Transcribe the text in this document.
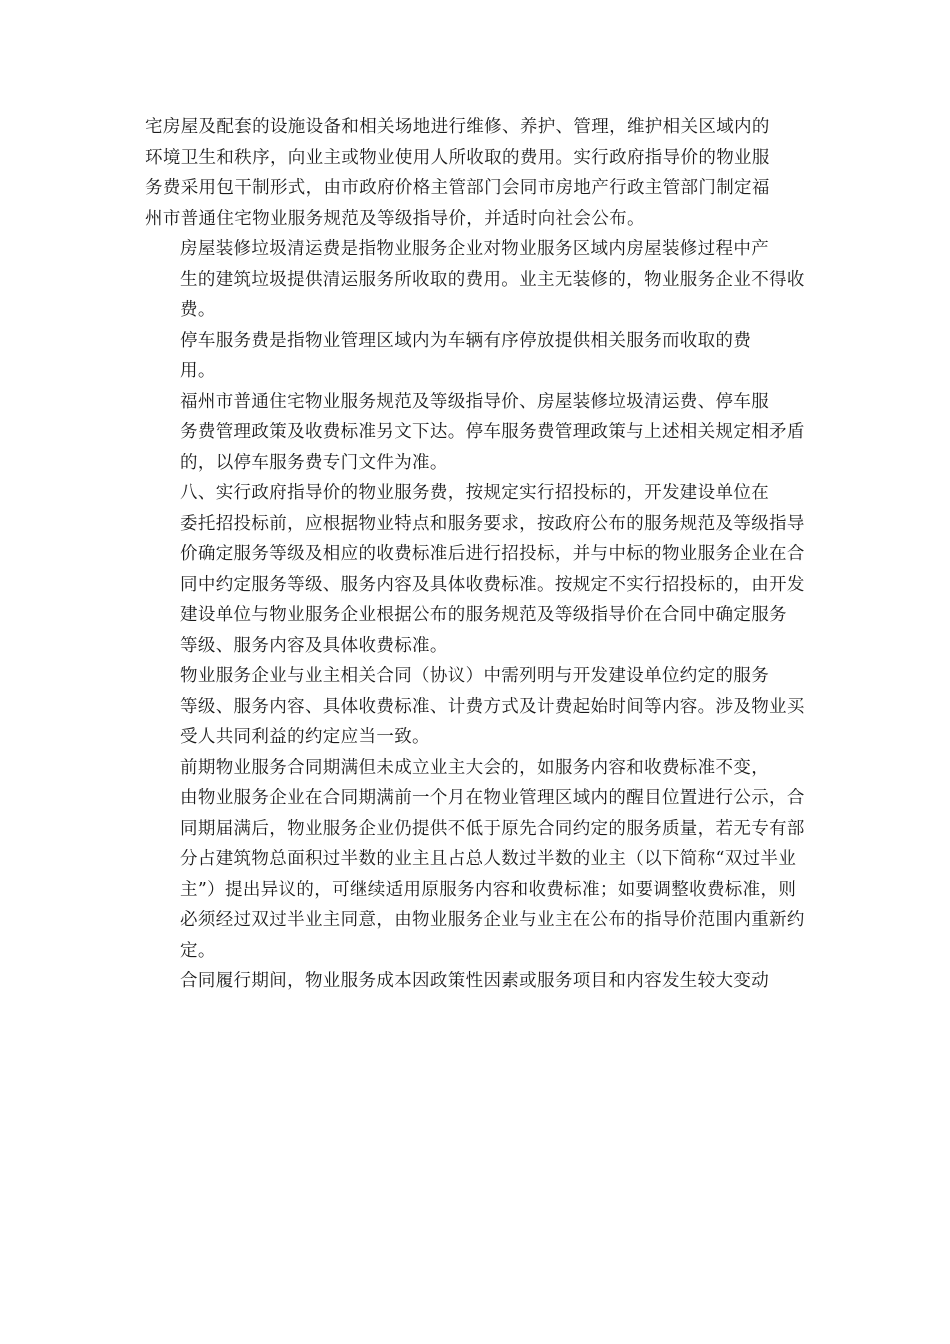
宅房屋及配套的设施设备和相关场地进行维修、养护、管理，维护相关区域内的
环境卫生和秩序，向业主或物业使用人所收取的费用。实行政府指导价的物业服
务费采用包干制形式，由市政府价格主管部门会同市房地产行政主管部门制定福
州市普通住宅物业服务规范及等级指导价，并适时向社会公布。

房屋装修垃圾清运费是指物业服务企业对物业服务区域内房屋装修过程中产
生的建筑垃圾提供清运服务所收取的费用。业主无装修的，物业服务企业不得收
费。

停车服务费是指物业管理区域内为车辆有序停放提供相关服务而收取的费
用。

福州市普通住宅物业服务规范及等级指导价、房屋装修垃圾清运费、停车服
务费管理政策及收费标准另文下达。停车服务费管理政策与上述相关规定相矛盾
的，以停车服务费专门文件为准。

八、实行政府指导价的物业服务费，按规定实行招投标的，开发建设单位在
委托招投标前，应根据物业特点和服务要求，按政府公布的服务规范及等级指导
价确定服务等级及相应的收费标准后进行招投标，并与中标的物业服务企业在合
同中约定服务等级、服务内容及具体收费标准。按规定不实行招投标的，由开发
建设单位与物业服务企业根据公布的服务规范及等级指导价在合同中确定服务
等级、服务内容及具体收费标准。

物业服务企业与业主相关合同（协议）中需列明与开发建设单位约定的服务
等级、服务内容、具体收费标准、计费方式及计费起始时间等内容。涉及物业买
受人共同利益的约定应当一致。

前期物业服务合同期满但未成立业主大会的，如服务内容和收费标准不变，
由物业服务企业在合同期满前一个月在物业管理区域内的醒目位置进行公示，合
同期届满后，物业服务企业仍提供不低于原先合同约定的服务质量，若无专有部
分占建筑物总面积过半数的业主且占总人数过半数的业主（以下简称“双过半业
主”）提出异议的，可继续适用原服务内容和收费标准；如要调整收费标准，则
必须经过双过半业主同意，由物业服务企业与业主在公布的指导价范围内重新约
定。

合同履行期间，物业服务成本因政策性因素或服务项目和内容发生较大变动
